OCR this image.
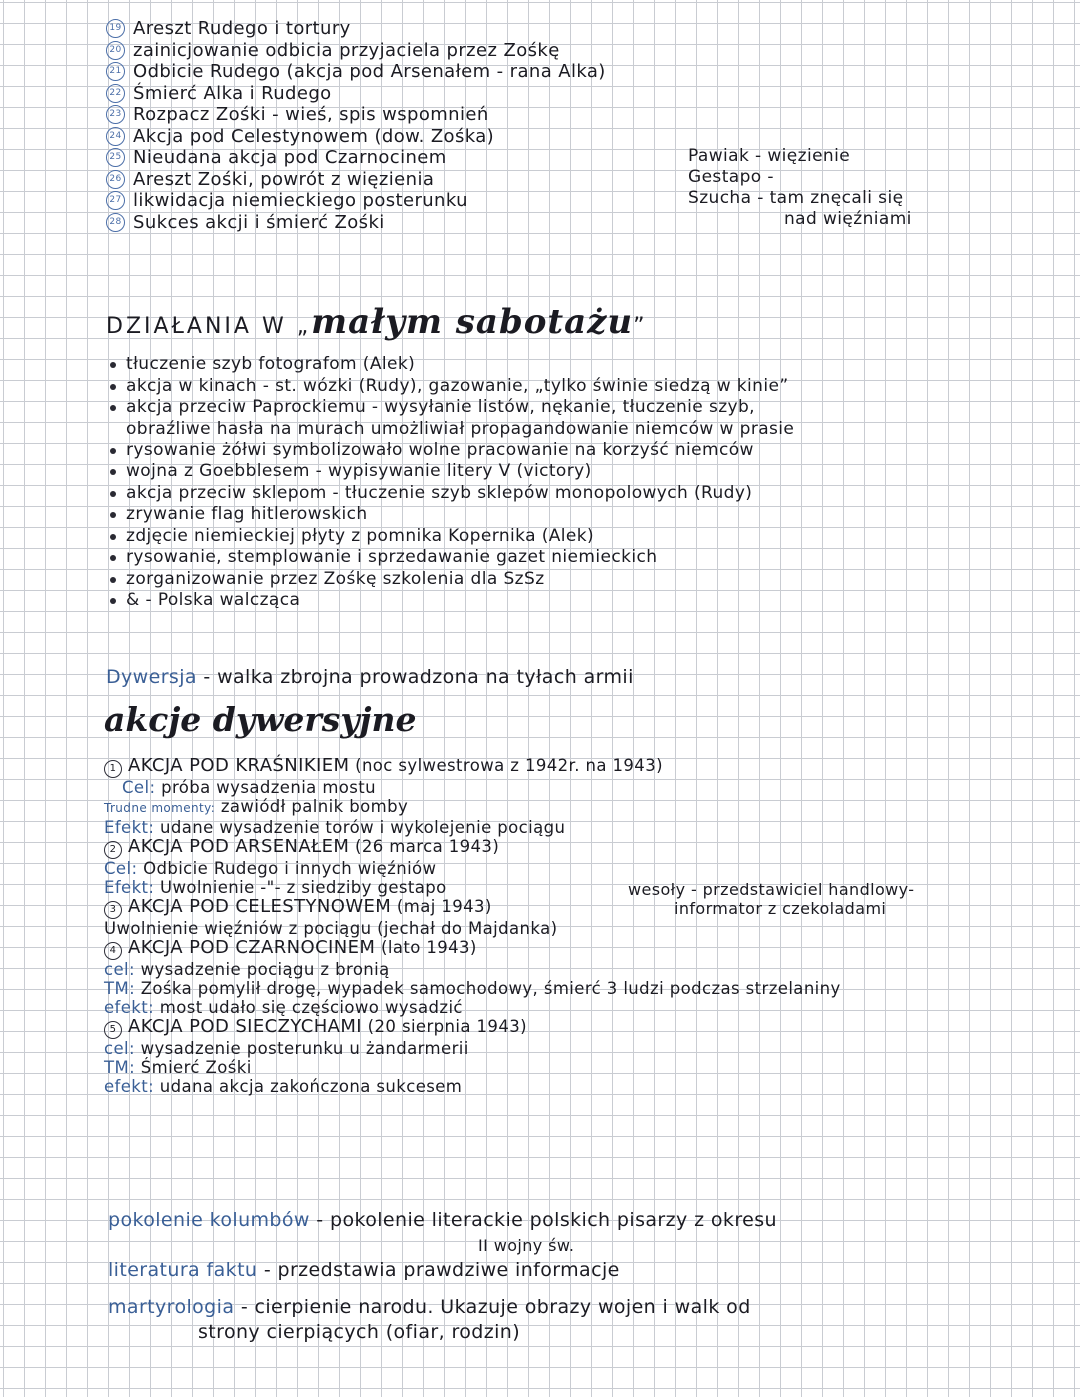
19 Areszt Rudego i tortury
20 zainicjowanie odbicia przyjaciela przez Zośkę
21 Odbicie Rudego (akcja pod Arsenałem - rana Alka)
22 Śmierć Alka i Rudego
23 Rozpacz Zośki - wieś, spis wspomnień
24 Akcja pod Celestynowem (dow. Zośka)
25 Nieudana akcja pod Czarnocinem
26 Areszt Zośki, powrót z więzienia
27 likwidacja niemieckiego posterunku
28 Sukces akcji i śmierć Zośki
Pawiak - więzienie
Gestapo -
Szucha - tam znęcali się
nad więźniami
DZIAŁANIA W „małym sabotażu”
tłuczenie szyb fotografom (Alek)
akcja w kinach - st. wózki (Rudy), gazowanie, „tylko świnie siedzą w kinie”
akcja przeciw Paprockiemu - wysyłanie listów, nękanie, tłuczenie szyb,
obraźliwe hasła na murach umożliwiał propagandowanie niemców w prasie
rysowanie żółwi symbolizowało wolne pracowanie na korzyść niemców
wojna z Goebblesem - wypisywanie litery V (victory)
akcja przeciw sklepom - tłuczenie szyb sklepów monopolowych (Rudy)
zrywanie flag hitlerowskich
zdjęcie niemieckiej płyty z pomnika Kopernika (Alek)
rysowanie, stemplowanie i sprzedawanie gazet niemieckich
zorganizowanie przez Zośkę szkolenia dla SzSz
&
- Polska walcząca
Dywersja - walka zbrojna prowadzona na tyłach armii
akcje dywersyjne
1 AKCJA POD KRAŚNIKIEM (noc sylwestrowa z 1942r. na 1943)
Cel: próba wysadzenia mostu
Trudne momenty: zawiódł palnik bomby
Efekt: udane wysadzenie torów i wykolejenie pociągu
2 AKCJA POD ARSENAŁEM (26 marca 1943)
Cel: Odbicie Rudego i innych więźniów
Efekt: Uwolnienie -"- z siedziby gestapo
3 AKCJA POD CELESTYNOWEM (maj 1943)
Uwolnienie więźniów z pociągu (jechał do Majdanka)
4 AKCJA POD CZARNOCINEM (lato 1943)
cel: wysadzenie pociągu z bronią
TM: Zośka pomylił drogę, wypadek samochodowy, śmierć 3 ludzi podczas strzelaniny
efekt: most udało się częściowo wysadzić
5 AKCJA POD SIECZYCHAMI (20 sierpnia 1943)
cel: wysadzenie posterunku u żandarmerii
TM: Śmierć Zośki
efekt: udana akcja zakończona sukcesem
wesoły - przedstawiciel handlowy-
informator z czekoladami
pokolenie kolumbów - pokolenie literackie polskich pisarzy z okresu
II wojny św.
literatura faktu - przedstawia prawdziwe informacje
martyrologia - cierpienie narodu. Ukazuje obrazy wojen i walk od
strony cierpiących (ofiar, rodzin)
